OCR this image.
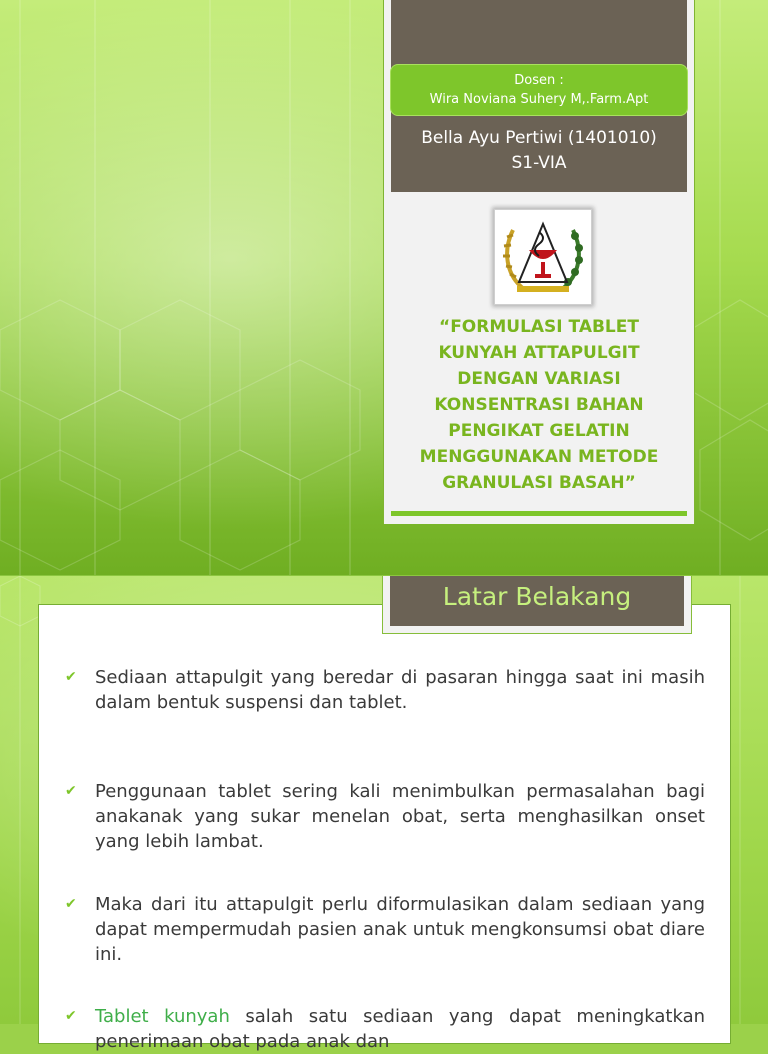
Dosen :
Wira Noviana Suhery M,.Farm.Apt
Bella Ayu Pertiwi (1401010)
S1-VIA
“FORMULASI TABLET
KUNYAH ATTAPULGIT
DENGAN VARIASI
KONSENTRASI BAHAN
PENGIKAT GELATIN
MENGGUNAKAN METODE
GRANULASI BASAH”
✔ Sediaan attapulgit yang beredar di pasaran hingga saat ini masih dalam bentuk suspensi dan tablet.
✔ Penggunaan tablet sering kali menimbulkan permasalahan bagi anakanak yang sukar menelan obat, serta menghasilkan onset yang lebih lambat.
✔ Maka dari itu attapulgit perlu diformulasikan dalam sediaan yang dapat mempermudah pasien anak untuk mengkonsumsi obat diare ini.
✔ Tablet kunyah salah satu sediaan yang dapat meningkatkan penerimaan obat pada anak dan
Latar Belakang
